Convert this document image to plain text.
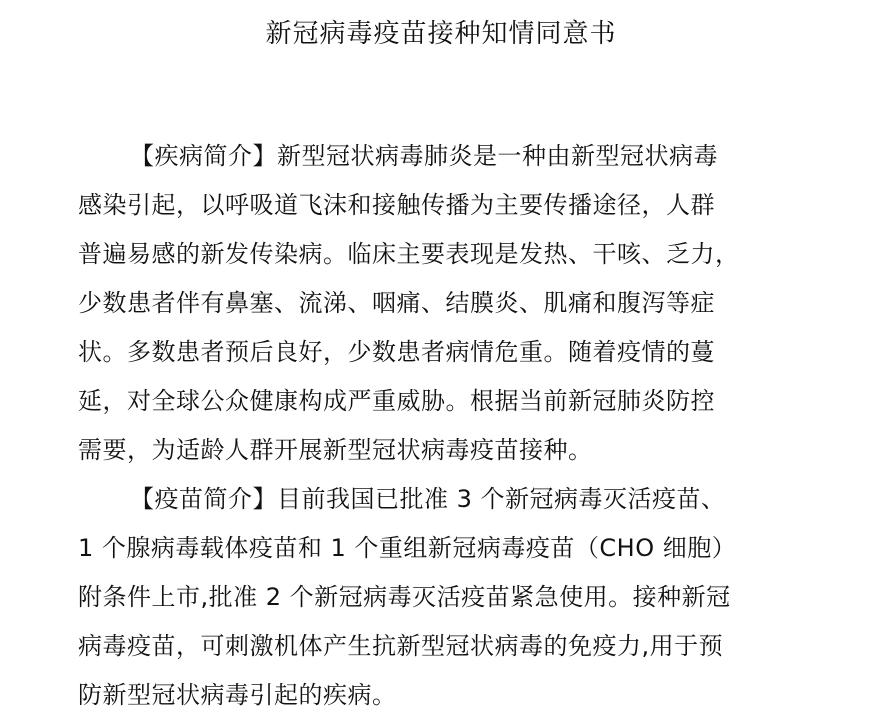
新冠病毒疫苗接种知情同意书
【疾病简介】新型冠状病毒肺炎是一种由新型冠状病毒
感染引起，以呼吸道飞沫和接触传播为主要传播途径，人群
普遍易感的新发传染病。临床主要表现是发热、干咳、乏力，
少数患者伴有鼻塞、流涕、咽痛、结膜炎、肌痛和腹泻等症
状。多数患者预后良好，少数患者病情危重。随着疫情的蔓
延，对全球公众健康构成严重威胁。根据当前新冠肺炎防控
需要，为适龄人群开展新型冠状病毒疫苗接种。
【疫苗简介】目前我国已批准 3 个新冠病毒灭活疫苗、
1 个腺病毒载体疫苗和 1 个重组新冠病毒疫苗（CHO 细胞）
附条件上市,批准 2 个新冠病毒灭活疫苗紧急使用。接种新冠
病毒疫苗，可刺激机体产生抗新型冠状病毒的免疫力,用于预
防新型冠状病毒引起的疾病。
